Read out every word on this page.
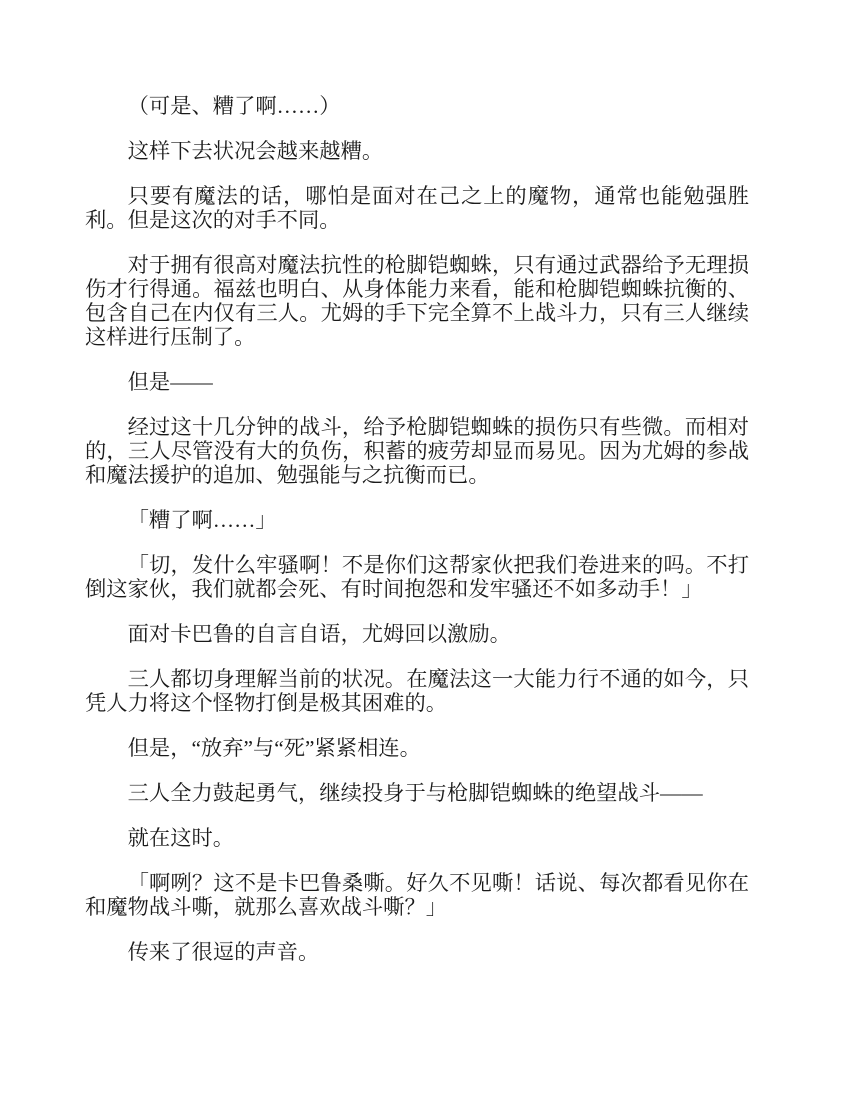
（可是、糟了啊……）

这样下去状况会越来越糟。

只要有魔法的话，哪怕是面对在己之上的魔物，通常也能勉强胜利。但是这次的对手不同。

对于拥有很高对魔法抗性的枪脚铠蜘蛛，只有通过武器给予无理损伤才行得通。福兹也明白、从身体能力来看，能和枪脚铠蜘蛛抗衡的、包含自己在内仅有三人。尤姆的手下完全算不上战斗力，只有三人继续这样进行压制了。

但是——

经过这十几分钟的战斗，给予枪脚铠蜘蛛的损伤只有些微。而相对的，三人尽管没有大的负伤，积蓄的疲劳却显而易见。因为尤姆的参战和魔法援护的追加、勉强能与之抗衡而已。

「糟了啊……」

「切，发什么牢骚啊！不是你们这帮家伙把我们卷进来的吗。不打倒这家伙，我们就都会死、有时间抱怨和发牢骚还不如多动手！」

面对卡巴鲁的自言自语，尤姆回以激励。

三人都切身理解当前的状况。在魔法这一大能力行不通的如今，只凭人力将这个怪物打倒是极其困难的。

但是，“放弃”与“死”紧紧相连。

三人全力鼓起勇气，继续投身于与枪脚铠蜘蛛的绝望战斗——

就在这时。

「啊咧？这不是卡巴鲁桑嘶。好久不见嘶！话说、每次都看见你在和魔物战斗嘶，就那么喜欢战斗嘶？」

传来了很逗的声音。
